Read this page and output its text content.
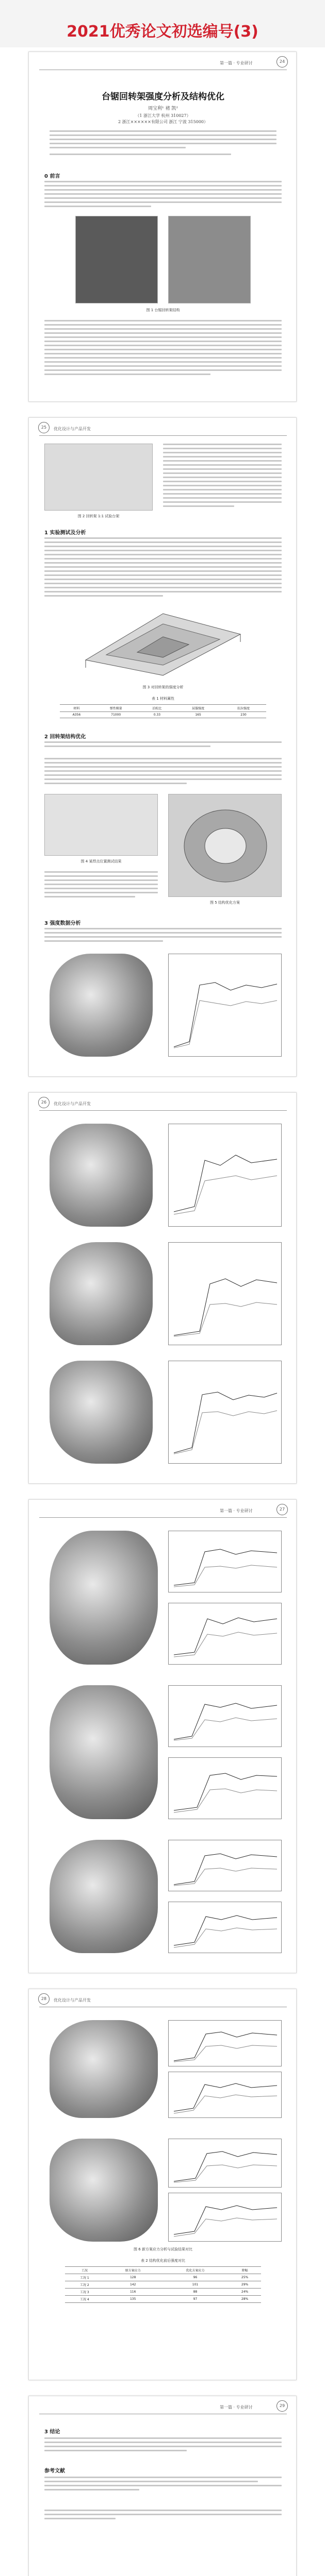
2021优秀论文初选编号(3)
第一篇 · 专业研讨	24
台锯回转架强度分析及结构优化
周宝利¹ 褚 凯²
（1 浙江大学 杭州 310027）
2 浙江××××××有限公司 浙江 宁波 315000）
0 前言
图 1 台锯回转架结构
25	优化设计与产品开发
图 2 回转架 1:1 试验台架
1 实验测试及分析
图 3 对回转架的强度分析
表 1 材料属性
材料	弹性模量	泊松比	屈服强度	抗拉强度
A356	71000	0.33	165	230
2 回转架结构优化
图 4 某焊点位置测试结果
图 5 结构优化方案
3 强度数据分析
26	优化设计与产品开发
第一篇 · 专业研讨	27
28	优化设计与产品开发
图 6 新方案应力分析与试验结果对比
表 2 结构优化前后强度对比
工况	原方案应力	优化方案应力	降幅
工况 1	128	96	25%
工况 2	142	101	29%
工况 3	116	88	24%
工况 4	135	97	28%
第一篇 · 专业研讨	29
3 结论
参考文献
